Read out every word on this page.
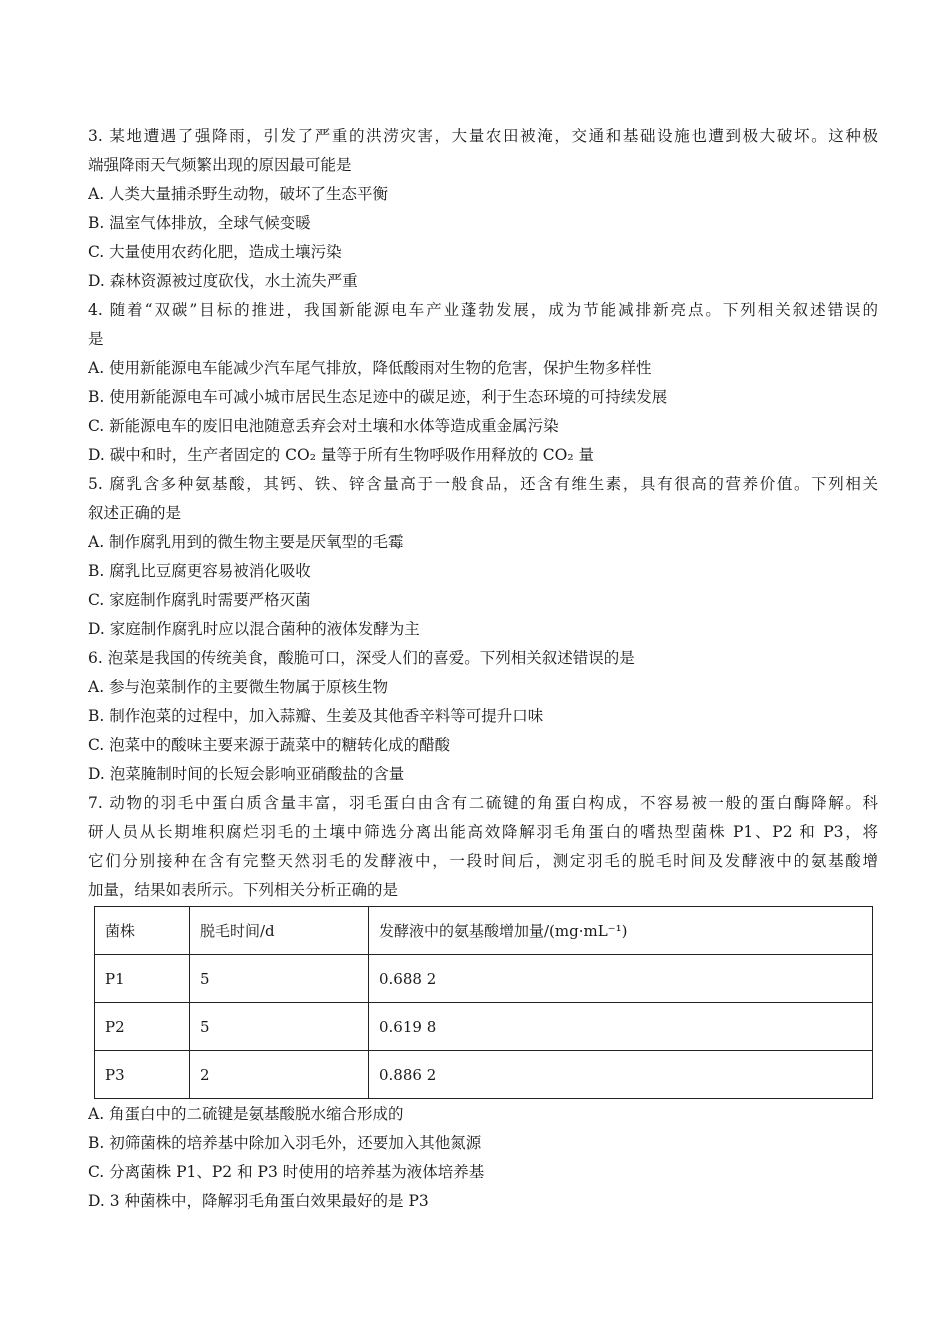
3. 某地遭遇了强降雨，引发了严重的洪涝灾害，大量农田被淹，交通和基础设施也遭到极大破坏。这种极
端强降雨天气频繁出现的原因最可能是
A. 人类大量捕杀野生动物，破坏了生态平衡
B. 温室气体排放，全球气候变暖
C. 大量使用农药化肥，造成土壤污染
D. 森林资源被过度砍伐，水土流失严重
4. 随着“双碳”目标的推进，我国新能源电车产业蓬勃发展，成为节能减排新亮点。下列相关叙述错误的
是
A. 使用新能源电车能减少汽车尾气排放，降低酸雨对生物的危害，保护生物多样性
B. 使用新能源电车可减小城市居民生态足迹中的碳足迹，利于生态环境的可持续发展
C. 新能源电车的废旧电池随意丢弃会对土壤和水体等造成重金属污染
D. 碳中和时，生产者固定的 CO₂ 量等于所有生物呼吸作用释放的 CO₂ 量
5. 腐乳含多种氨基酸，其钙、铁、锌含量高于一般食品，还含有维生素，具有很高的营养价值。下列相关
叙述正确的是
A. 制作腐乳用到的微生物主要是厌氧型的毛霉
B. 腐乳比豆腐更容易被消化吸收
C. 家庭制作腐乳时需要严格灭菌
D. 家庭制作腐乳时应以混合菌种的液体发酵为主
6. 泡菜是我国的传统美食，酸脆可口，深受人们的喜爱。下列相关叙述错误的是
A. 参与泡菜制作的主要微生物属于原核生物
B. 制作泡菜的过程中，加入蒜瓣、生姜及其他香辛料等可提升口味
C. 泡菜中的酸味主要来源于蔬菜中的糖转化成的醋酸
D. 泡菜腌制时间的长短会影响亚硝酸盐的含量
7. 动物的羽毛中蛋白质含量丰富，羽毛蛋白由含有二硫键的角蛋白构成，不容易被一般的蛋白酶降解。科
研人员从长期堆积腐烂羽毛的土壤中筛选分离出能高效降解羽毛角蛋白的嗜热型菌株 P1、P2 和 P3，将
它们分别接种在含有完整天然羽毛的发酵液中，一段时间后，测定羽毛的脱毛时间及发酵液中的氨基酸增
加量，结果如表所示。下列相关分析正确的是
菌株	脱毛时间/d	发酵液中的氨基酸增加量/(mg·mL⁻¹)
P1	5	0.688 2
P2	5	0.619 8
P3	2	0.886 2
A. 角蛋白中的二硫键是氨基酸脱水缩合形成的
B. 初筛菌株的培养基中除加入羽毛外，还要加入其他氮源
C. 分离菌株 P1、P2 和 P3 时使用的培养基为液体培养基
D. 3 种菌株中，降解羽毛角蛋白效果最好的是 P3
